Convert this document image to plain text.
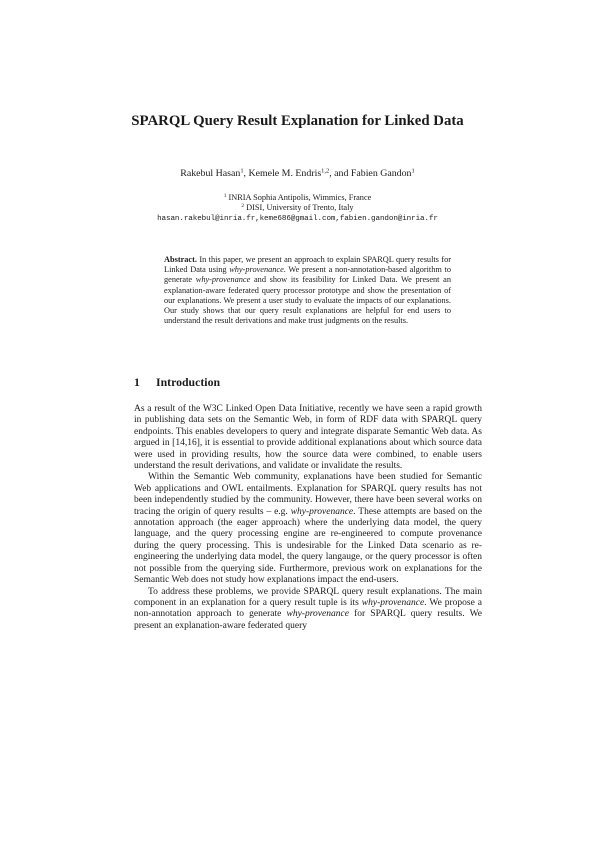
SPARQL Query Result Explanation for Linked Data
Rakebul Hasan$^1$, Kemele M. Endris$^{1,2}$, and Fabien Gandon$^1$
$^1$ INRIA Sophia Antipolis, Wimmics, France
$^2$ DISI, University of Trento, Italy
hasan.rakebul@inria.fr,keme686@gmail.com,fabien.gandon@inria.fr
Abstract. In this paper, we present an approach to explain SPARQL query results for Linked Data using why-provenance. We present a non-annotation-based algorithm to generate why-provenance and show its feasibility for Linked Data. We present an explanation-aware federated query processor prototype and show the presentation of our explanations. We present a user study to evaluate the impacts of our explanations. Our study shows that our query result explanations are helpful for end users to understand the result derivations and make trust judgments on the results.
1 Introduction

As a result of the W3C Linked Open Data Initiative, recently we have seen a rapid growth in publishing data sets on the Semantic Web, in form of RDF data with SPARQL query endpoints. This enables developers to query and integrate disparate Semantic Web data. As argued in [14,16], it is essential to provide additional explanations about which source data were used in providing results, how the source data were combined, to enable users understand the result derivations, and validate or invalidate the results.

Within the Semantic Web community, explanations have been studied for Semantic Web applications and OWL entailments. Explanation for SPARQL query results has not been independently studied by the community. However, there have been several works on tracing the origin of query results – e.g. why-provenance. These attempts are based on the annotation approach (the eager approach) where the underlying data model, the query language, and the query processing engine are re-engineered to compute provenance during the query processing. This is undesirable for the Linked Data scenario as re-engineering the underlying data model, the query langauge, or the query processor is often not possible from the querying side. Furthermore, previous work on explanations for the Semantic Web does not study how explanations impact the end-users.

To address these problems, we provide SPARQL query result explanations. The main component in an explanation for a query result tuple is its why-provenance. We propose a non-annotation approach to generate why-provenance for SPARQL query results. We present an explanation-aware federated query
